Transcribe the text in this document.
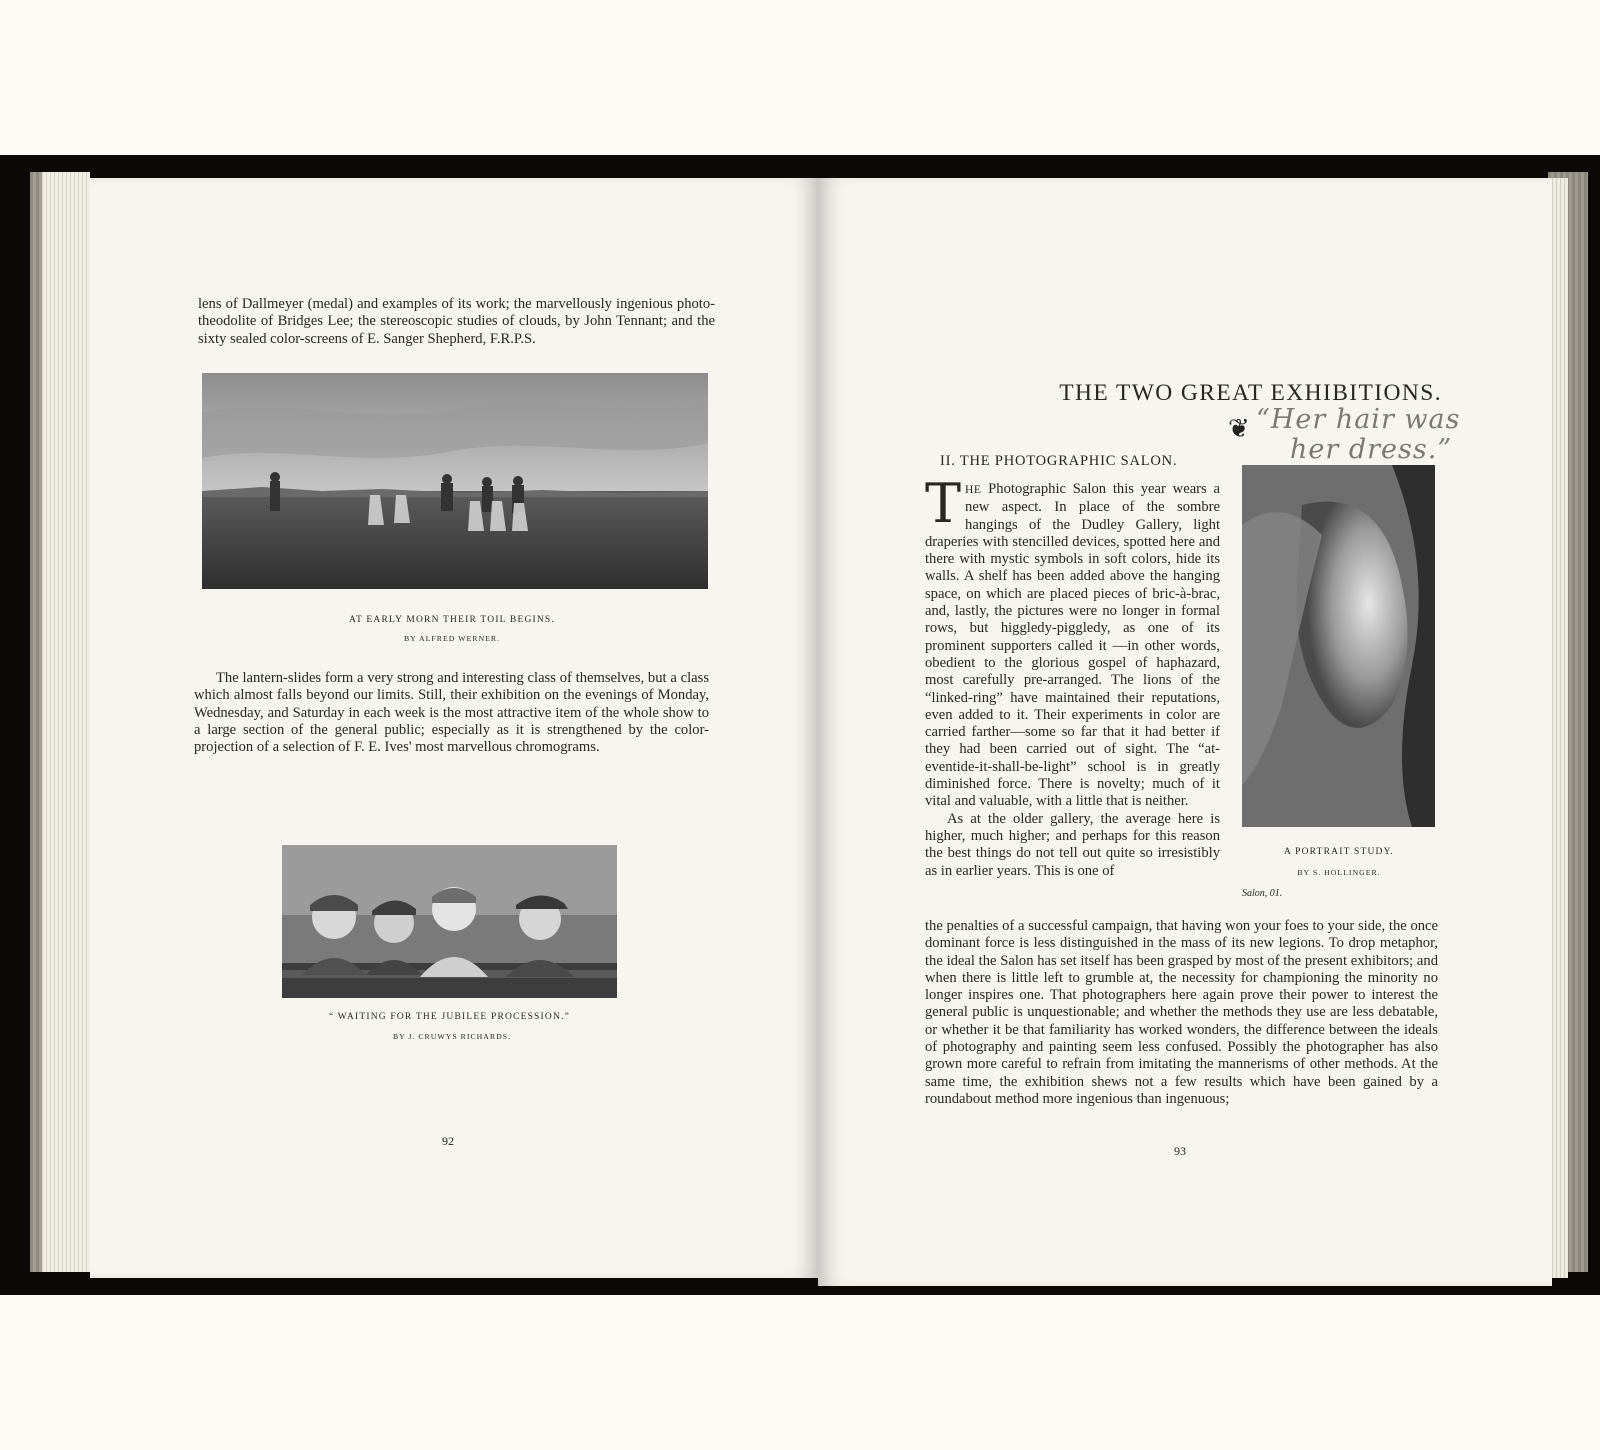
lens of Dallmeyer (medal) and examples of its work; the marvellously ingenious photo-theodolite of Bridges Lee; the stereoscopic studies of clouds, by John Tennant; and the sixty sealed color-screens of E. Sanger Shepherd, F.R.P.S.

AT EARLY MORN THEIR TOIL BEGINS.
BY ALFRED WERNER.

The lantern-slides form a very strong and interesting class of themselves, but a class which almost falls beyond our limits. Still, their exhibition on the evenings of Monday, Wednesday, and Saturday in each week is the most attractive item of the whole show to a large section of the general public; especially as it is strengthened by the color-projection of a selection of F. E. Ives' most marvellous chromograms.

“ WAITING FOR THE JUBILEE PROCESSION.”
BY J. CRUWYS RICHARDS.
92
THE TWO GREAT EXHIBITIONS.
❦ “Her hair was
her dress.”
II. THE PHOTOGRAPHIC SALON.
THE Photographic Salon this year wears a new aspect. In place of the sombre hangings of the Dudley Gallery, light draperies with stencilled devices, spotted here and there with mystic symbols in soft colors, hide its walls. A shelf has been added above the hanging space, on which are placed pieces of bric-à-brac, and, lastly, the pictures were no longer in formal rows, but higgledy-piggledy, as one of its prominent supporters called it —in other words, obedient to the glorious gospel of haphazard, most carefully pre-arranged. The lions of the “linked-ring” have maintained their reputations, even added to it. Their experiments in color are carried farther—some so far that it had better if they had been carried out of sight. The “at-eventide-it-shall-be-light” school is in greatly diminished force. There is novelty; much of it vital and valuable, with a little that is neither.
As at the older gallery, the average here is higher, much higher; and perhaps for this reason the best things do not tell out quite so irresistibly as in earlier years. This is one of
A PORTRAIT STUDY.
BY S. HOLLINGER.
Salon, 01.

the penalties of a successful campaign, that having won your foes to your side, the once dominant force is less distinguished in the mass of its new legions. To drop metaphor, the ideal the Salon has set itself has been grasped by most of the present exhibitors; and when there is little left to grumble at, the necessity for championing the minority no longer inspires one. That photographers here again prove their power to interest the general public is unquestionable; and whether the methods they use are less debatable, or whether it be that familiarity has worked wonders, the difference between the ideals of photography and painting seem less confused. Possibly the photographer has also grown more careful to refrain from imitating the mannerisms of other methods. At the same time, the exhibition shews not a few results which have been gained by a roundabout method more ingenious than ingenuous;

93
